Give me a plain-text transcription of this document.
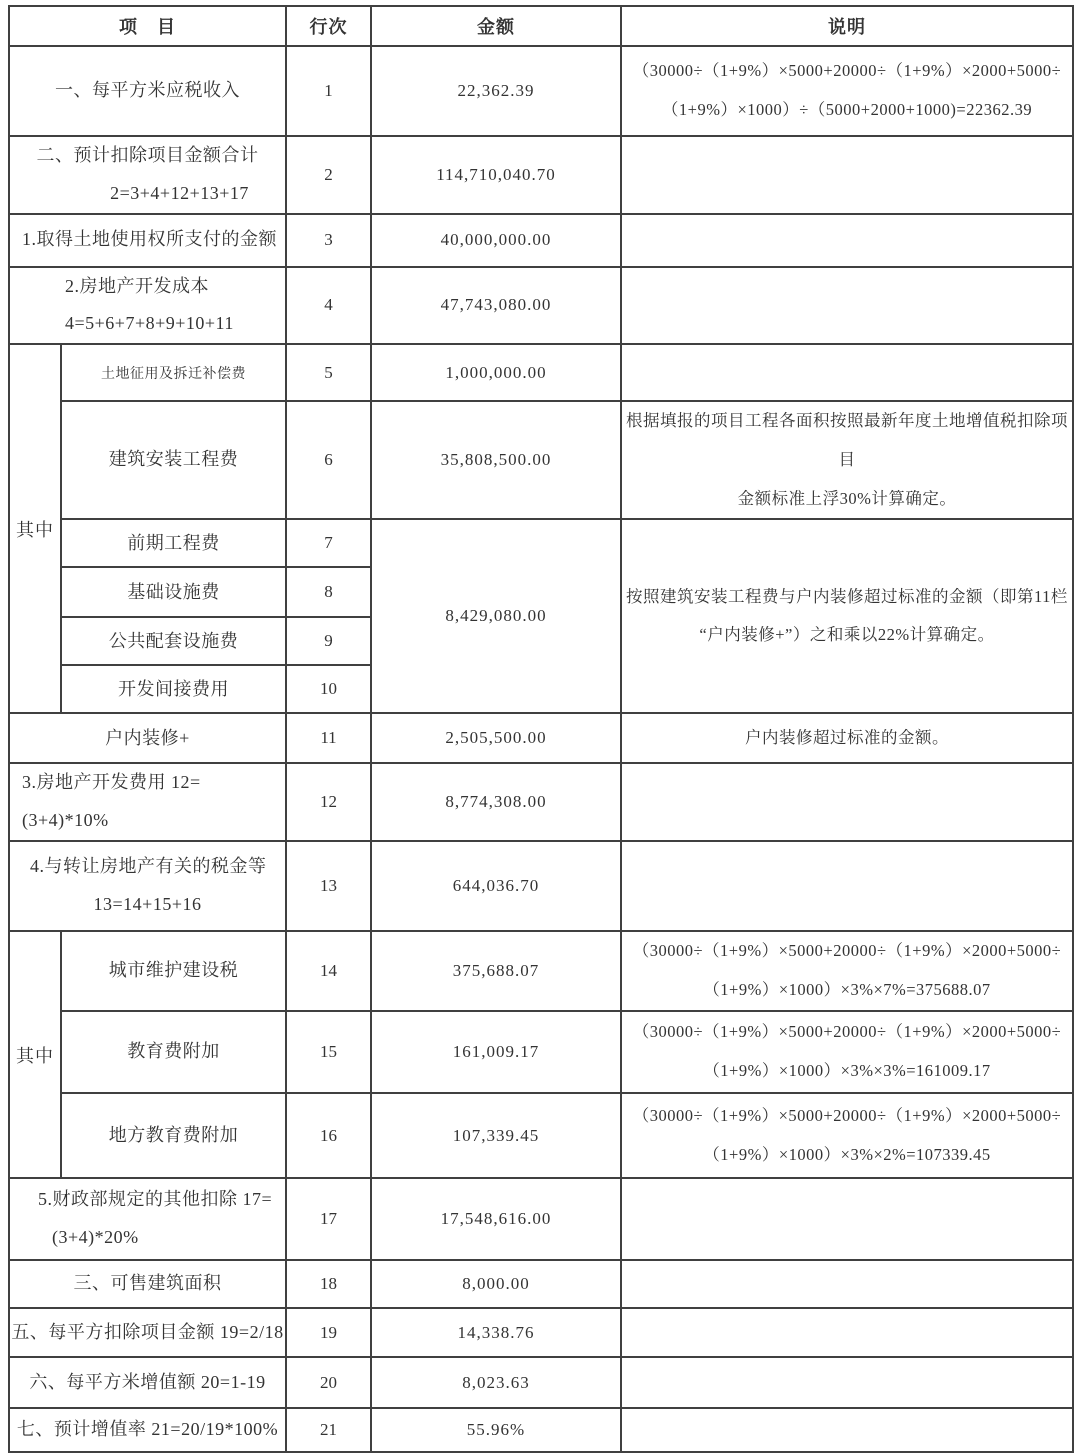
项　目		行次	金额	说明
一、每平方米应税收入		1	22,362.39	（30000÷（1+9%）×5000+20000÷（1+9%）×2000+5000÷
（1+9%）×1000）÷（5000+2000+1000)=22362.39

二、预计扣除项目金额合计
2=3+4+12+13+17		2	114,710,040.70	
1.取得土地使用权所支付的金额		3	40,000,000.00	

2.房地产开发成本
4=5+6+7+8+9+10+11		4	47,743,080.00	
其中	土地征用及拆迁补偿费	5	1,000,000.00	
	建筑安装工程费	6	35,808,500.00	根据填报的项目工程各面积按照最新年度土地增值税扣除项目
金额标准上浮30%计算确定。

	前期工程费	7	8,429,080.00	按照建筑安装工程费与户内装修超过标准的金额（即第11栏
“户内装修+”）之和乘以22%计算确定。

	基础设施费	8		
	公共配套设施费	9		
	开发间接费用	10		
户内装修+		11	2,505,500.00	户内装修超过标准的金额。
3.房地产开发费用 12=(3+4)*10%		12	8,774,308.00	

4.与转让房地产有关的税金等
13=14+15+16		13	644,036.70	
其中	城市维护建设税	14	375,688.07	（30000÷（1+9%）×5000+20000÷（1+9%）×2000+5000÷
（1+9%）×1000）×3%×7%=375688.07

	教育费附加	15	161,009.17	（30000÷（1+9%）×5000+20000÷（1+9%）×2000+5000÷
（1+9%）×1000）×3%×3%=161009.17

	地方教育费附加	16	107,339.45	（30000÷（1+9%）×5000+20000÷（1+9%）×2000+5000÷
（1+9%）×1000）×3%×2%=107339.45

5.财政部规定的其他扣除 17=
(3+4)*20%		17	17,548,616.00	
三、可售建筑面积		18	8,000.00	
五、每平方扣除项目金额 19=2/18		19	14,338.76	
六、每平方米增值额 20=1-19		20	8,023.63	
七、预计增值率 21=20/19*100%		21	55.96%	
